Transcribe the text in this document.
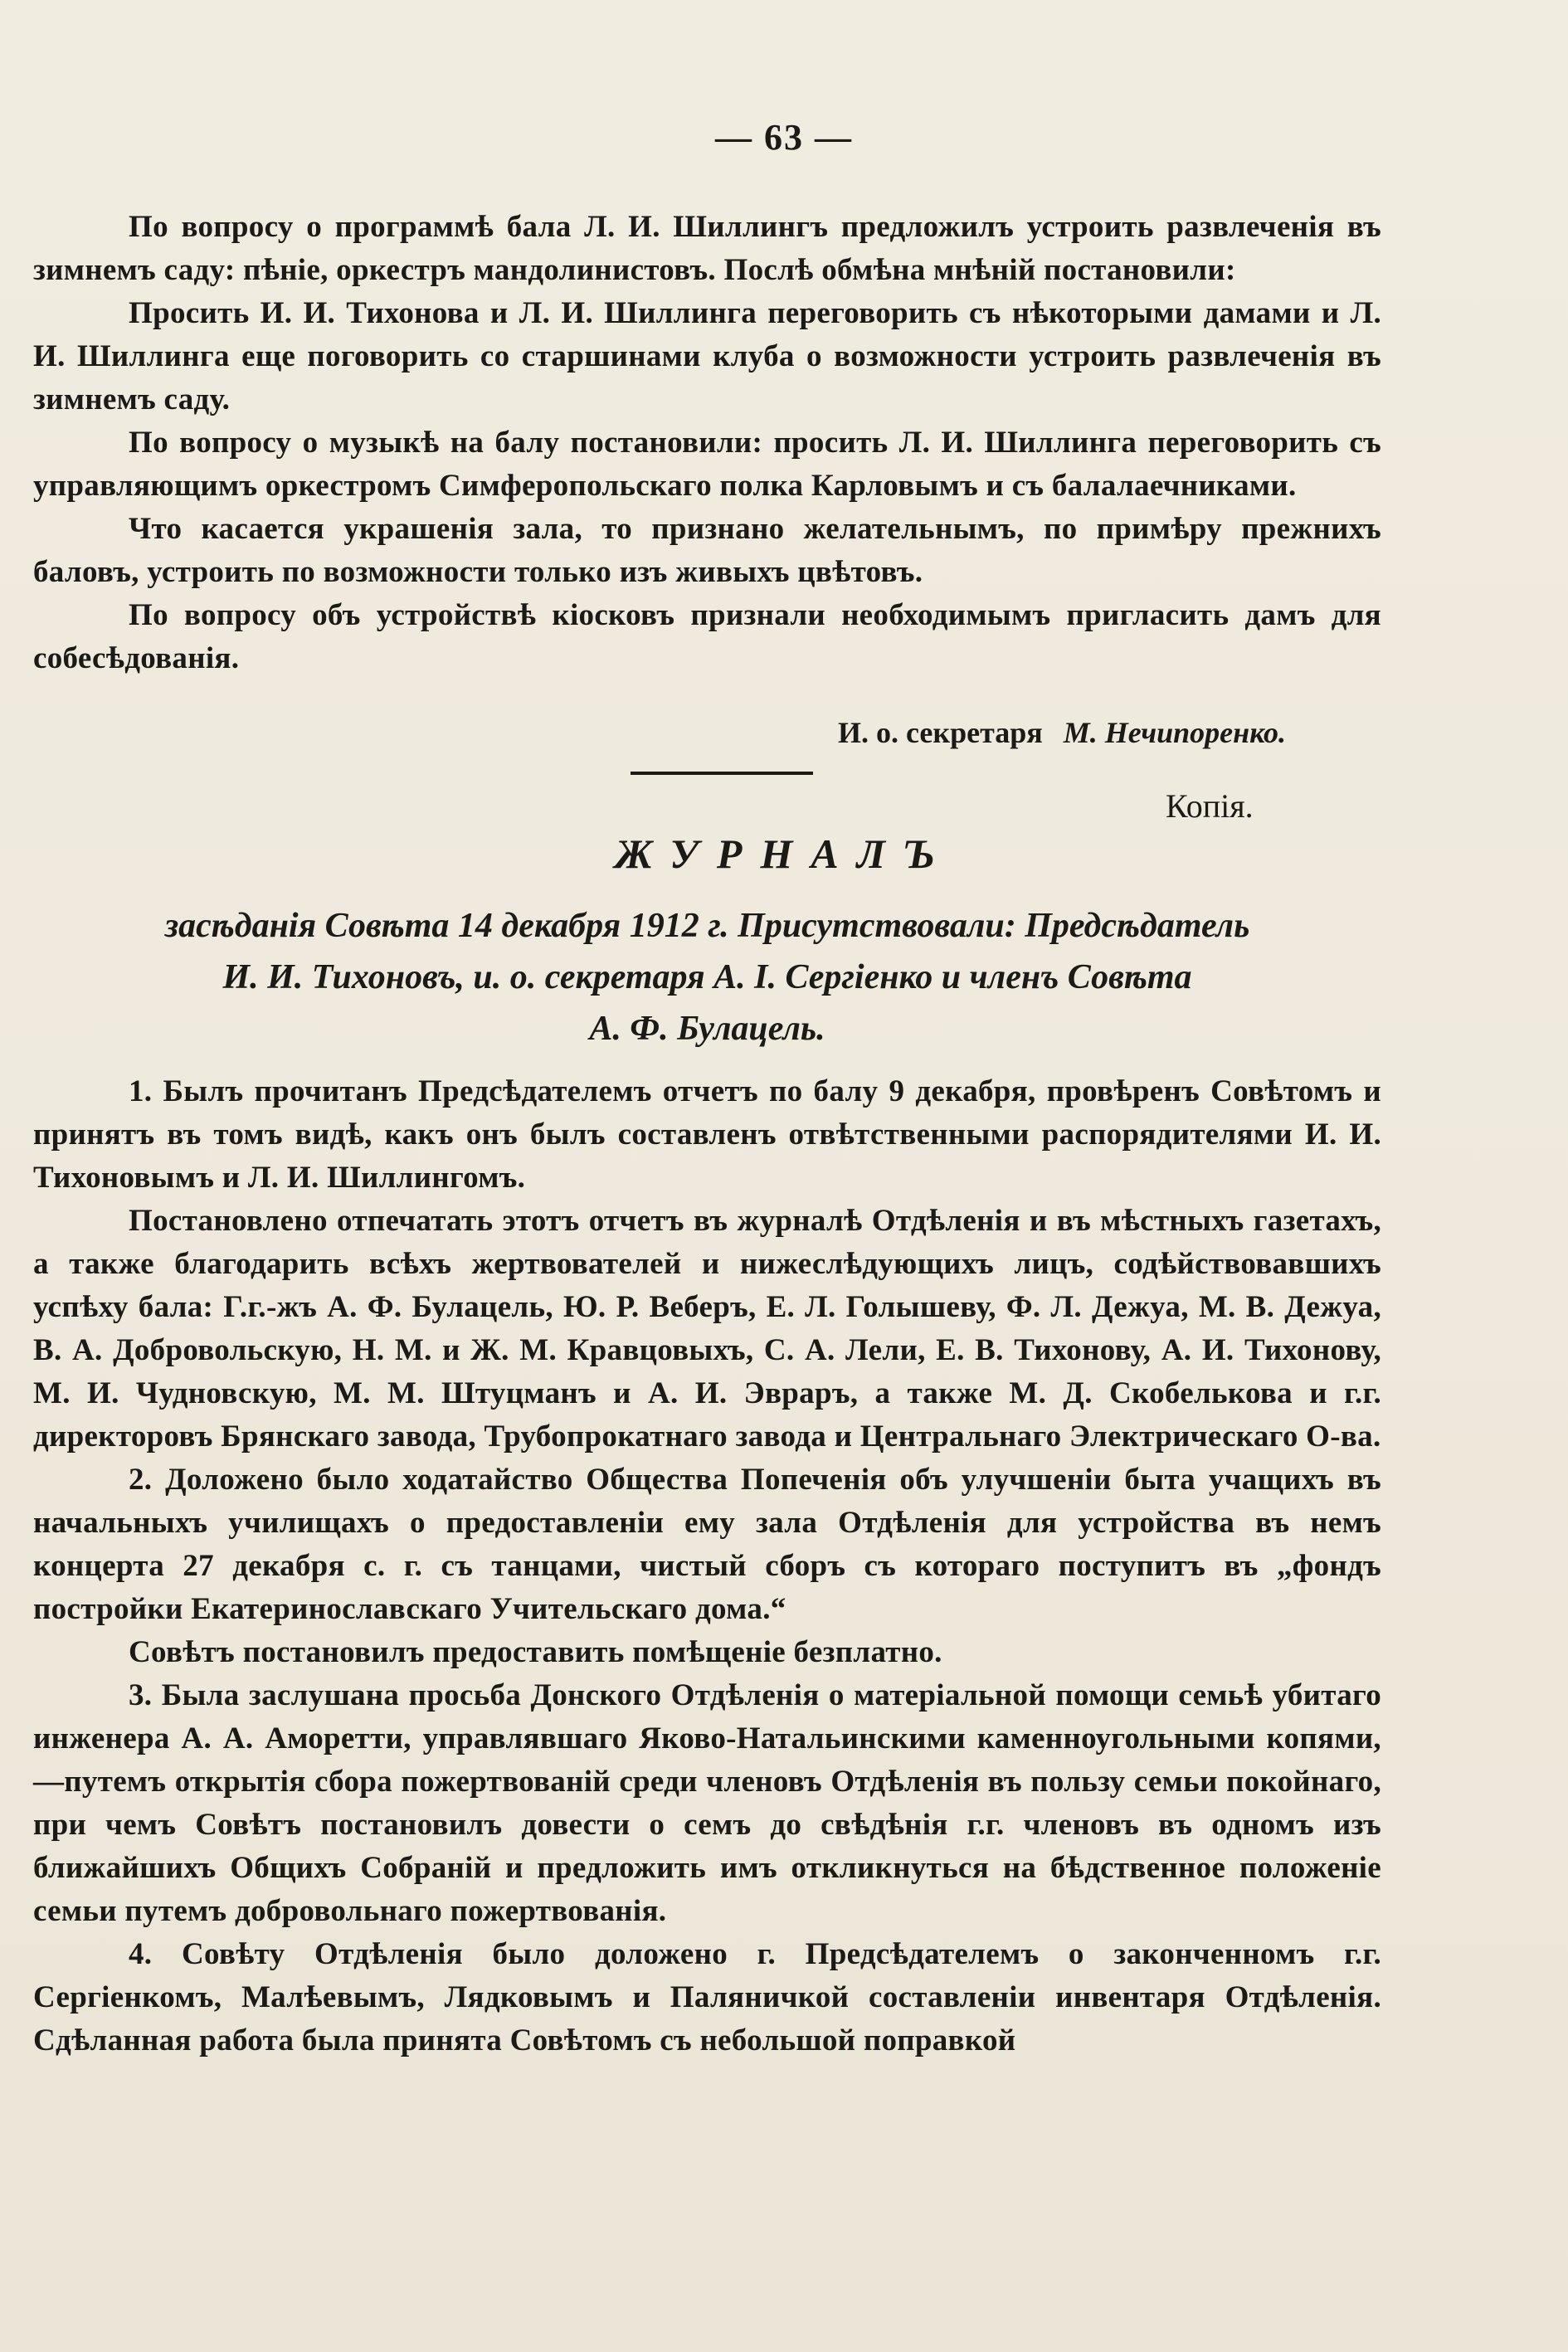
— 63 —

По вопросу о программѣ бала Л. И. Шиллингъ предложилъ устроить развлеченія въ зимнемъ саду: пѣніе, оркестръ мандолинистовъ. Послѣ обмѣна мнѣній постановили:

Просить И. И. Тихонова и Л. И. Шиллинга переговорить съ нѣкоторыми дамами и Л. И. Шиллинга еще поговорить со старшинами клуба о возможности устроить развлеченія въ зимнемъ саду.

По вопросу о музыкѣ на балу постановили: просить Л. И. Шиллинга переговорить съ управляющимъ оркестромъ Симферопольскаго полка Карловымъ и съ балалаечниками.

Что касается украшенія зала, то признано желательнымъ, по примѣру прежнихъ баловъ, устроить по возможности только изъ живыхъ цвѣтовъ.

По вопросу объ устройствѣ кіосковъ признали необходимымъ пригласить дамъ для собесѣдованія.

И. о. секретаря М. Нечипоренко.
Копія.
ЖУРНАЛЪ
засѣданія Совѣта 14 декабря 1912 г. Присутствовали: Предсѣдатель
И. И. Тихоновъ, и. о. секретаря А. І. Сергіенко и членъ Совѣта
А. Ф. Булацель.

1. Былъ прочитанъ Предсѣдателемъ отчетъ по балу 9 декабря, провѣренъ Совѣтомъ и принятъ въ томъ видѣ, какъ онъ былъ составленъ отвѣтственными распорядителями И. И. Тихоновымъ и Л. И. Шиллингомъ.

Постановлено отпечатать этотъ отчетъ въ журналѣ Отдѣленія и въ мѣстныхъ газетахъ, а также благодарить всѣхъ жертвователей и нижеслѣдующихъ лицъ, содѣйствовавшихъ успѣху бала: Г.г.-жъ А. Ф. Булацель, Ю. Р. Веберъ, Е. Л. Голышеву, Ф. Л. Дежуа, М. В. Дежуа, В. А. Добровольскую, Н. М. и Ж. М. Кравцовыхъ, С. А. Лели, Е. В. Тихонову, А. И. Тихонову, М. И. Чудновскую, М. М. Штуцманъ и А. И. Эвраръ, а также М. Д. Скобелькова и г.г. директоровъ Брянскаго завода, Трубопрокатнаго завода и Центральнаго Электрическаго О-ва.

2. Доложено было ходатайство Общества Попеченія объ улучшеніи быта учащихъ въ начальныхъ училищахъ о предоставленіи ему зала Отдѣленія для устройства въ немъ концерта 27 декабря с. г. съ танцами, чистый сборъ съ котораго поступитъ въ „фондъ постройки Екатеринославскаго Учительскаго дома.“

Совѣтъ постановилъ предоставить помѣщеніе безплатно.

3. Была заслушана просьба Донского Отдѣленія о матеріальной помощи семьѣ убитаго инженера А. А. Аморетти, управлявшаго Яково-Натальинскими каменноугольными копями,—путемъ открытія сбора пожертвованій среди членовъ Отдѣленія въ пользу семьи покойнаго, при чемъ Совѣтъ постановилъ довести о семъ до свѣдѣнія г.г. членовъ въ одномъ изъ ближайшихъ Общихъ Собраній и предложить имъ откликнуться на бѣдственное положеніе семьи путемъ добровольнаго пожертвованія.

4. Совѣту Отдѣленія было доложено г. Предсѣдателемъ о законченномъ г.г. Сергіенкомъ, Малѣевымъ, Лядковымъ и Паляничкой составленіи инвентаря Отдѣленія. Сдѣланная работа была принята Совѣтомъ съ небольшой поправкой
